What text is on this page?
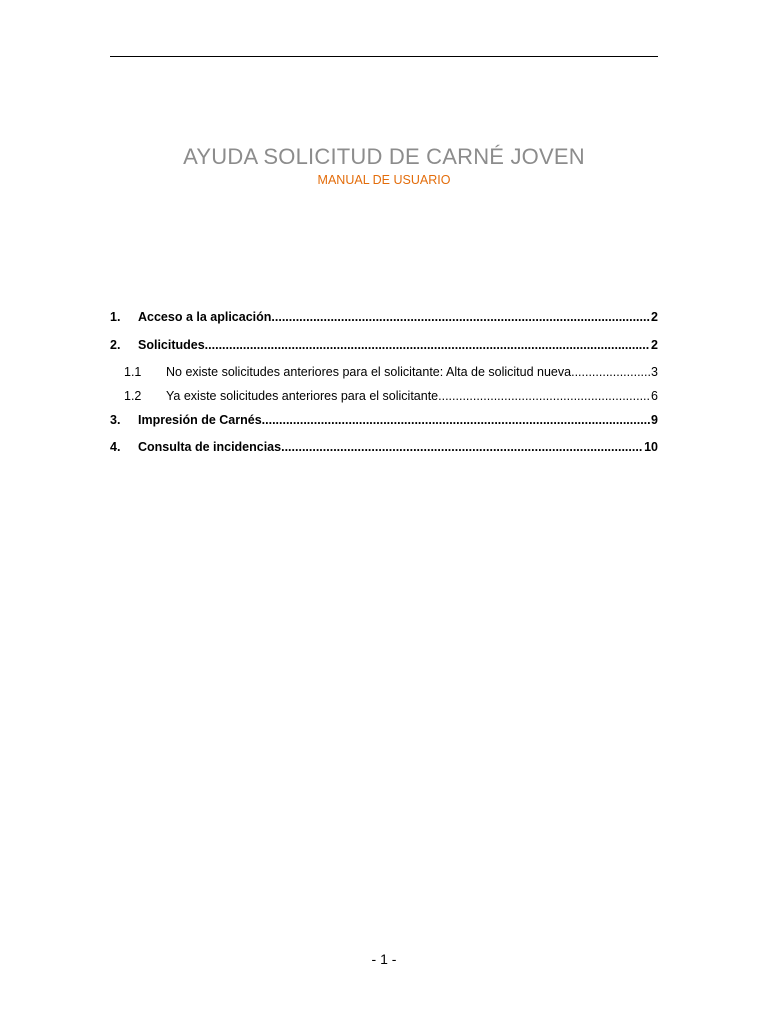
AYUDA SOLICITUD DE CARNÉ JOVEN
MANUAL DE USUARIO
1.	Acceso a la aplicación. .....	2
2.	Solicitudes. .....	2
1.1	No existe solicitudes anteriores para el solicitante: Alta de solicitud nueva. .....	3
1.2	Ya existe solicitudes anteriores para el solicitante. .....	6
3.	Impresión de Carnés. .....	9
4.	Consulta de incidencias. .....	10
- 1 -
